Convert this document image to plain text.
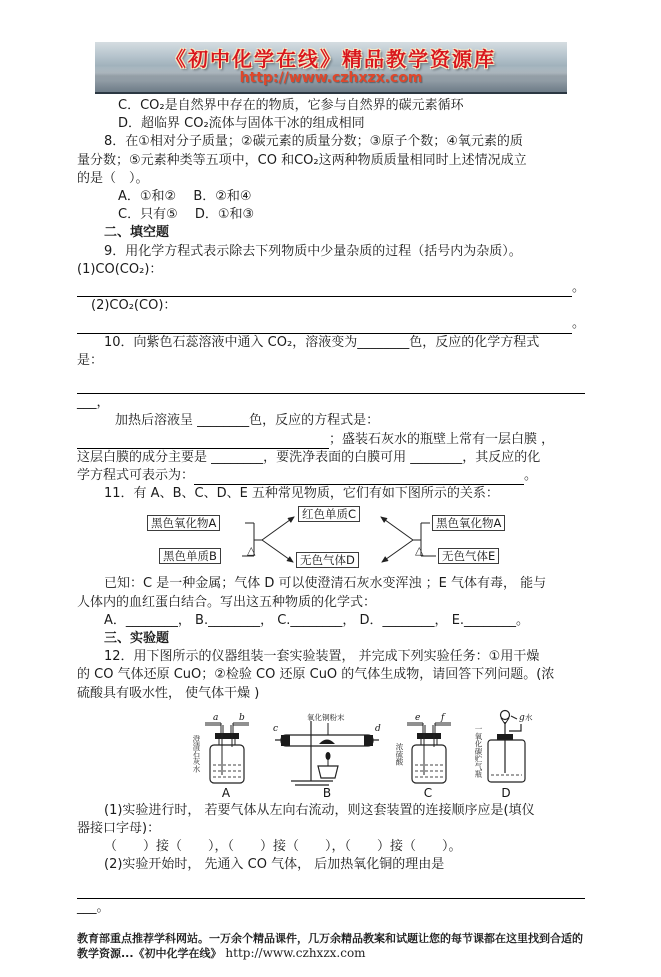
《初中化学在线》精品教学资源库
http://www.czhxzx.com
C．CO₂是自然界中存在的物质，它参与自然界的碳元素循环
D．超临界 CO₂流体与固体干冰的组成相同
8．在①相对分子质量；②碳元素的质量分数；③原子个数；④氧元素的质
量分数；⑤元素种类等五项中，CO 和CO₂这两种物质质量相同时上述情况成立
的是（　）。
A．①和②　 B．②和④
C．只有⑤　 D．①和③
二、填空题
9．用化学方程式表示除去下列物质中少量杂质的过程（括号内为杂质）。
(1)CO(CO₂)：
。
(2)CO₂(CO)：
。
10．向紫色石蕊溶液中通入 CO₂，溶液变为________色，反应的化学方程式
是：
___，
加热后溶液呈 ________色，反应的方程式是：
；盛装石灰水的瓶壁上常有一层白膜 ，
这层白膜的成分主要是 ________，要洗净表面的白膜可用 ________，其反应的化
学方程式可表示为：	。
11．有 A、B、C、D、E 五种常见物质，它们有如下图所示的关系：
黑色氧化物A
黑色单质B
红色单质C
无色气体D
黑色氧化物A
无色气体E
△	△
已知：C 是一种金属；气体 D 可以使澄清石灰水变浑浊 ；E 气体有毒， 能与
人体内的血红蛋白结合。写出这五种物质的化学式：
A．________， B.________， C.________， D．________， E.________。
三、实验题
12．用下图所示的仪器组装一套实验装置， 并完成下列实验任务：①用干燥
的 CO 气体还原 CuO；②检验 CO 还原 CuO 的气体生成物，请回答下列问题。(浓
硫酸具有吸水性， 使气体干燥 )
a b
澄清石灰水
A
c	d
氧化铜粉末
B
e f
浓硫酸
C
g
一氧化碳贮气瓶
水
D
(1)实验进行时， 若要气体从左向右流动，则这套装置的连接顺序应是(填仪
器接口字母)：
（　　）接（　　），（　　）接（　　），（　　）接（　　）。
(2)实验开始时， 先通入 CO 气体， 后加热氧化铜的理由是
___。
教育部重点推荐学科网站。一万余个精品课件，几万余精品教案和试题让您的每节课都在这里找到合适的
教学资源...《初中化学在线》 http://www.czhxzx.com
